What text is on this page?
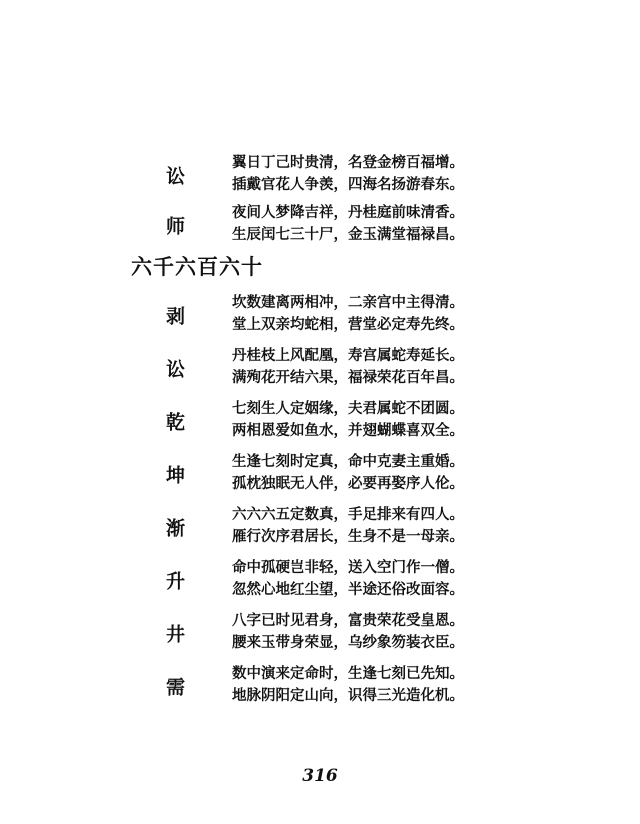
讼
翼日丁己时贵清，名登金榜百福增。
插戴官花人争羡，四海名扬游春东。
师
夜间人梦降吉祥，丹桂庭前味清香。
生辰闰七三十尸，金玉满堂福禄昌。
六千六百六十
剥
坎数建离两相冲，二亲宫中主得清。
堂上双亲均蛇相，营堂必定寿先终。
讼
丹桂枝上风配凰，寿宫属蛇寿延长。
满殉花开结六果，福禄荣花百年昌。
乾
七刻生人定姻缘，夫君属蛇不团圆。
两相恩爱如鱼水，并翅蝴蝶喜双全。
坤
生逢七刻时定真，命中克妻主重婚。
孤枕独眠无人伴，必要再娶序人伦。
渐
六六六五定数真，手足排来有四人。
雁行次序君居长，生身不是一母亲。
升
命中孤硬岂非轻，送入空门作一僧。
忽然心地红尘望，半途还俗改面容。
井
八字已时见君身，富贵荣花受皇恩。
腰来玉带身荣显，乌纱象笏装衣臣。
需
数中演来定命时，生逢七刻已先知。
地脉阴阳定山向，识得三光造化机。
316
